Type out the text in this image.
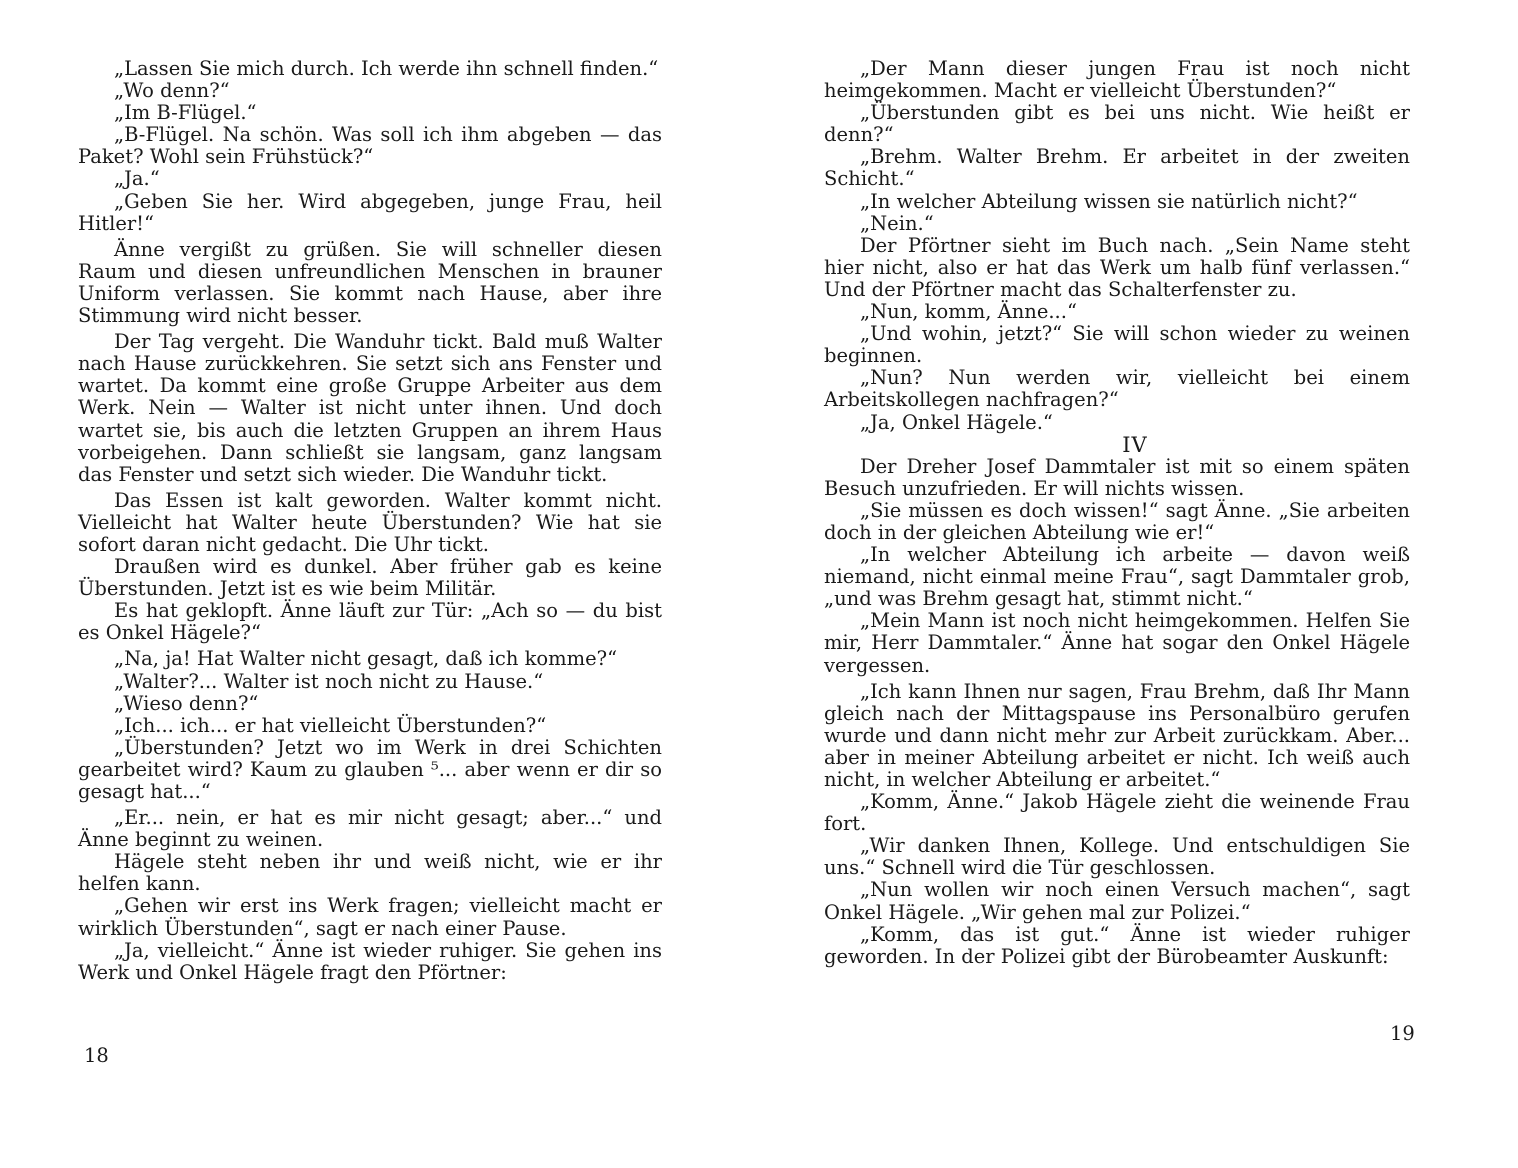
„Lassen Sie mich durch. Ich werde ihn schnell finden.“

„Wo denn?“

„Im B-Flügel.“

„B-Flügel. Na schön. Was soll ich ihm abgeben — das Paket? Wohl sein Frühstück?“

„Ja.“

„Geben Sie her. Wird abgegeben, junge Frau, heil Hitler!“

Änne vergißt zu grüßen. Sie will schneller diesen Raum und diesen unfreundlichen Menschen in brauner Uniform verlassen. Sie kommt nach Hause, aber ihre Stimmung wird nicht besser.

Der Tag vergeht. Die Wanduhr tickt. Bald muß Walter nach Hause zurückkehren. Sie setzt sich ans Fenster und wartet. Da kommt eine große Gruppe Arbeiter aus dem Werk. Nein — Walter ist nicht unter ihnen. Und doch wartet sie, bis auch die letzten Gruppen an ihrem Haus vorbeigehen. Dann schließt sie langsam, ganz langsam das Fenster und setzt sich wieder. Die Wanduhr tickt.

Das Essen ist kalt geworden. Walter kommt nicht. Vielleicht hat Walter heute Überstunden? Wie hat sie sofort daran nicht gedacht. Die Uhr tickt.

Draußen wird es dunkel. Aber früher gab es keine Überstunden. Jetzt ist es wie beim Militär.

Es hat geklopft. Änne läuft zur Tür: „Ach so — du bist es Onkel Hägele?“

„Na, ja! Hat Walter nicht gesagt, daß ich komme?“

„Walter?... Walter ist noch nicht zu Hause.“

„Wieso denn?“

„Ich... ich... er hat vielleicht Überstunden?“

„Überstunden? Jetzt wo im Werk in drei Schichten gearbeitet wird? Kaum zu glauben ⁵... aber wenn er dir so gesagt hat...“

„Er... nein, er hat es mir nicht gesagt; aber...“ und Änne beginnt zu weinen.

Hägele steht neben ihr und weiß nicht, wie er ihr helfen kann.

„Gehen wir erst ins Werk fragen; vielleicht macht er wirklich Überstunden“, sagt er nach einer Pause.

„Ja, vielleicht.“ Änne ist wieder ruhiger. Sie gehen ins Werk und Onkel Hägele fragt den Pförtner:

18

„Der Mann dieser jungen Frau ist noch nicht heimgekommen. Macht er vielleicht Überstunden?“

„Überstunden gibt es bei uns nicht. Wie heißt er denn?“

„Brehm. Walter Brehm. Er arbeitet in der zweiten Schicht.“

„In welcher Abteilung wissen sie natürlich nicht?“

„Nein.“

Der Pförtner sieht im Buch nach. „Sein Name steht hier nicht, also er hat das Werk um halb fünf verlassen.“ Und der Pförtner macht das Schalterfenster zu.

„Nun, komm, Änne...“

„Und wohin, jetzt?“ Sie will schon wieder zu weinen beginnen.

„Nun? Nun werden wir, vielleicht bei einem Arbeitskollegen nachfragen?“

„Ja, Onkel Hägele.“

IV

Der Dreher Josef Dammtaler ist mit so einem späten Besuch unzufrieden. Er will nichts wissen.

„Sie müssen es doch wissen!“ sagt Änne. „Sie arbeiten doch in der gleichen Abteilung wie er!“

„In welcher Abteilung ich arbeite — davon weiß niemand, nicht einmal meine Frau“, sagt Dammtaler grob, „und was Brehm gesagt hat, stimmt nicht.“

„Mein Mann ist noch nicht heimgekommen. Helfen Sie mir, Herr Dammtaler.“ Änne hat sogar den Onkel Hägele vergessen.

„Ich kann Ihnen nur sagen, Frau Brehm, daß Ihr Mann gleich nach der Mittagspause ins Personalbüro gerufen wurde und dann nicht mehr zur Arbeit zurückkam. Aber... aber in meiner Abteilung arbeitet er nicht. Ich weiß auch nicht, in welcher Abteilung er arbeitet.“

„Komm, Änne.“ Jakob Hägele zieht die weinende Frau fort.

„Wir danken Ihnen, Kollege. Und entschuldigen Sie uns.“ Schnell wird die Tür geschlossen.

„Nun wollen wir noch einen Versuch machen“, sagt Onkel Hägele. „Wir gehen mal zur Polizei.“

„Komm, das ist gut.“ Änne ist wieder ruhiger geworden. In der Polizei gibt der Bürobeamter Auskunft:

19
